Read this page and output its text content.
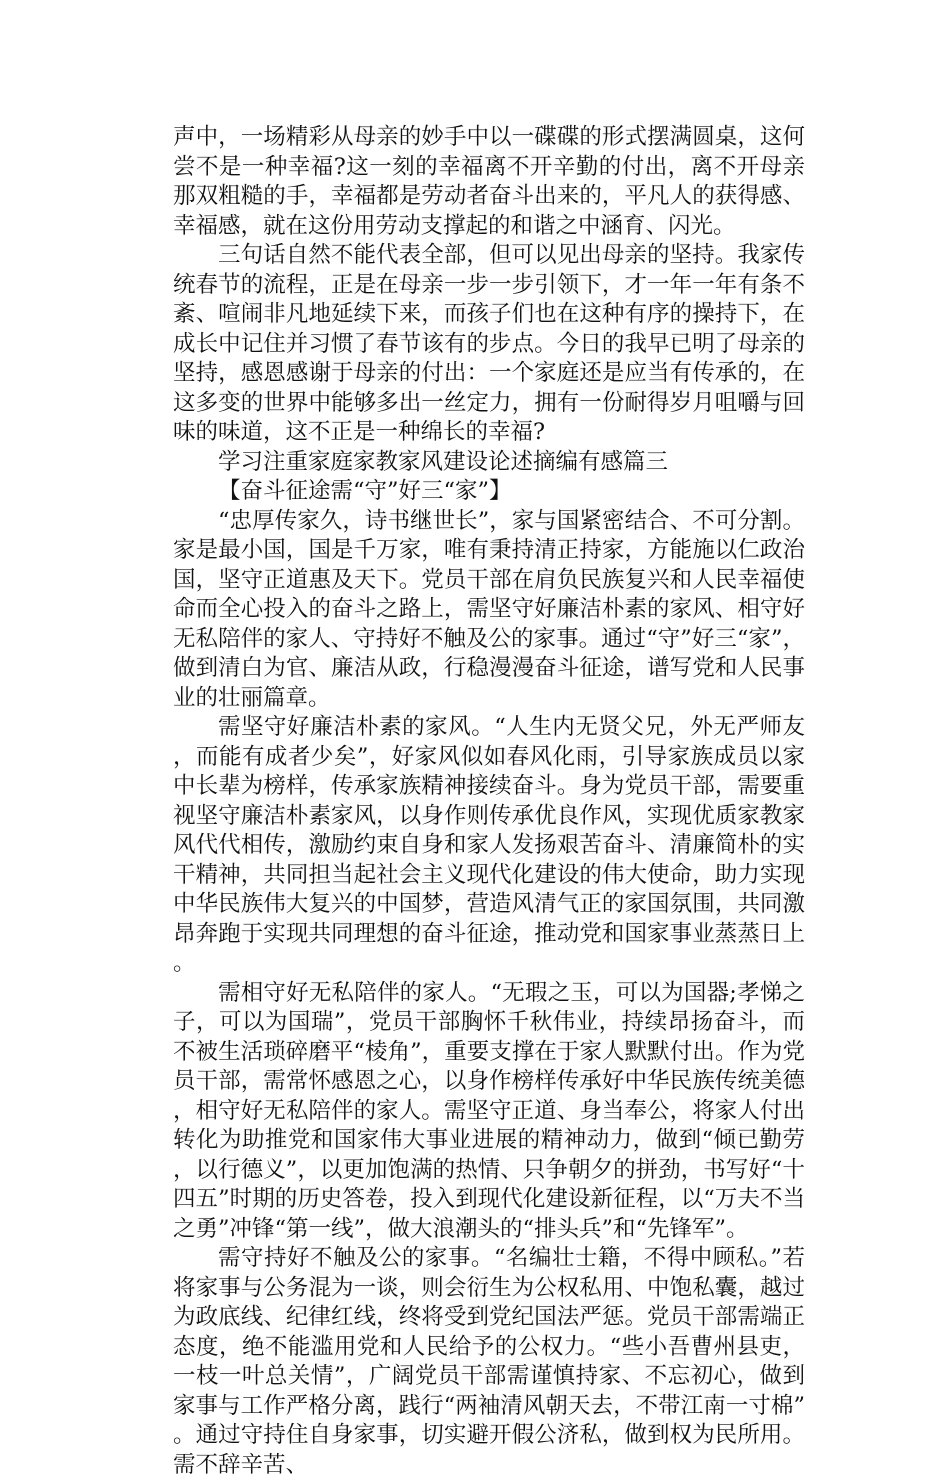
声中，一场精彩从母亲的妙手中以一碟碟的形式摆满圆桌，这何尝不是一种幸福?这一刻的幸福离不开辛勤的付出，离不开母亲那双粗糙的手，幸福都是劳动者奋斗出来的，平凡人的获得感、幸福感，就在这份用劳动支撑起的和谐之中涵育、闪光。

三句话自然不能代表全部，但可以见出母亲的坚持。我家传统春节的流程，正是在母亲一步一步引领下，才一年一年有条不紊、喧闹非凡地延续下来，而孩子们也在这种有序的操持下，在成长中记住并习惯了春节该有的步点。今日的我早已明了母亲的坚持，感恩感谢于母亲的付出：一个家庭还是应当有传承的，在这多变的世界中能够多出一丝定力，拥有一份耐得岁月咀嚼与回味的味道，这不正是一种绵长的幸福?

学习注重家庭家教家风建设论述摘编有感篇三

【奋斗征途需“守”好三“家”】

“忠厚传家久，诗书继世长”，家与国紧密结合、不可分割。家是最小国，国是千万家，唯有秉持清正持家，方能施以仁政治国，坚守正道惠及天下。党员干部在肩负民族复兴和人民幸福使命而全心投入的奋斗之路上，需坚守好廉洁朴素的家风、相守好无私陪伴的家人、守持好不触及公的家事。通过“守”好三“家”，做到清白为官、廉洁从政，行稳漫漫奋斗征途，谱写党和人民事业的壮丽篇章。

需坚守好廉洁朴素的家风。“人生内无贤父兄，外无严师友，而能有成者少矣”，好家风似如春风化雨，引导家族成员以家中长辈为榜样，传承家族精神接续奋斗。身为党员干部，需要重视坚守廉洁朴素家风，以身作则传承优良作风，实现优质家教家风代代相传，激励约束自身和家人发扬艰苦奋斗、清廉简朴的实干精神，共同担当起社会主义现代化建设的伟大使命，助力实现中华民族伟大复兴的中国梦，营造风清气正的家国氛围，共同激昂奔跑于实现共同理想的奋斗征途，推动党和国家事业蒸蒸日上。

需相守好无私陪伴的家人。“无瑕之玉，可以为国器;孝悌之子，可以为国瑞”，党员干部胸怀千秋伟业，持续昂扬奋斗，而不被生活琐碎磨平“棱角”，重要支撑在于家人默默付出。作为党员干部，需常怀感恩之心，以身作榜样传承好中华民族传统美德，相守好无私陪伴的家人。需坚守正道、身当奉公，将家人付出转化为助推党和国家伟大事业进展的精神动力，做到“倾已勤劳，以行德义”，以更加饱满的热情、只争朝夕的拼劲，书写好“十四五”时期的历史答卷，投入到现代化建设新征程，以“万夫不当之勇”冲锋“第一线”，做大浪潮头的“排头兵”和“先锋军”。

需守持好不触及公的家事。“名编壮士籍，不得中顾私。”若将家事与公务混为一谈，则会衍生为公权私用、中饱私囊，越过为政底线、纪律红线，终将受到党纪国法严惩。党员干部需端正态度，绝不能滥用党和人民给予的公权力。“些小吾曹州县吏，一枝一叶总关情”，广阔党员干部需谨慎持家、不忘初心，做到家事与工作严格分离，践行“两袖清风朝天去，不带江南一寸棉”。通过守持住自身家事，切实避开假公济私，做到权为民所用。需不辞辛苦、
